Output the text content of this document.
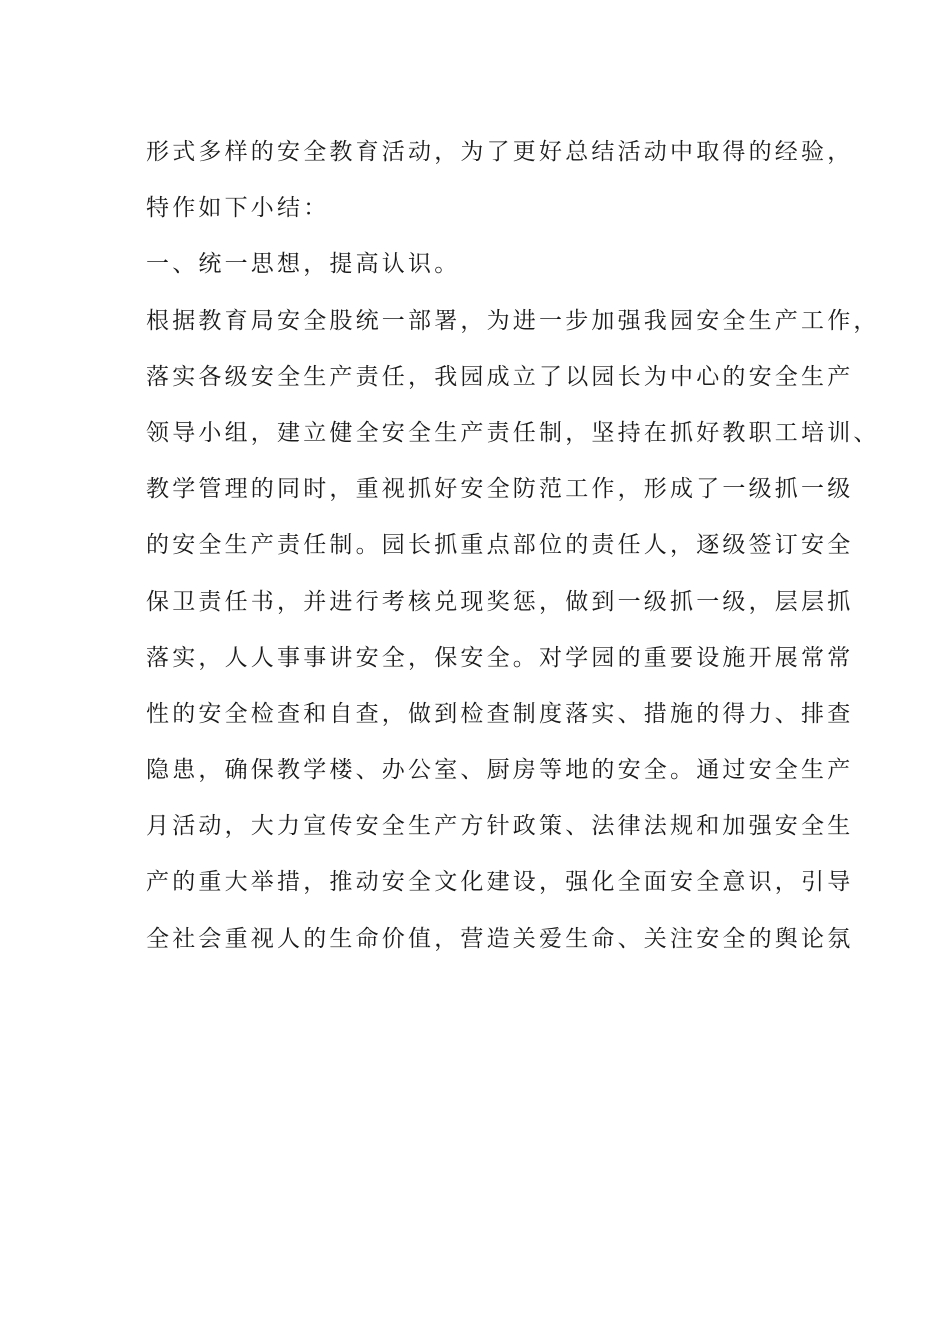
形式多样的安全教育活动，为了更好总结活动中取得的经验，
特作如下小结：
一、统一思想，提高认识。
根据教育局安全股统一部署，为进一步加强我园安全生产工作，
落实各级安全生产责任，我园成立了以园长为中心的安全生产
领导小组，建立健全安全生产责任制，坚持在抓好教职工培训、
教学管理的同时，重视抓好安全防范工作，形成了一级抓一级
的安全生产责任制。园长抓重点部位的责任人，逐级签订安全
保卫责任书，并进行考核兑现奖惩，做到一级抓一级，层层抓
落实，人人事事讲安全，保安全。对学园的重要设施开展常常
性的安全检查和自查，做到检查制度落实、措施的得力、排查
隐患，确保教学楼、办公室、厨房等地的安全。通过安全生产
月活动，大力宣传安全生产方针政策、法律法规和加强安全生
产的重大举措，推动安全文化建设，强化全面安全意识，引导
全社会重视人的生命价值，营造关爱生命、关注安全的舆论氛
